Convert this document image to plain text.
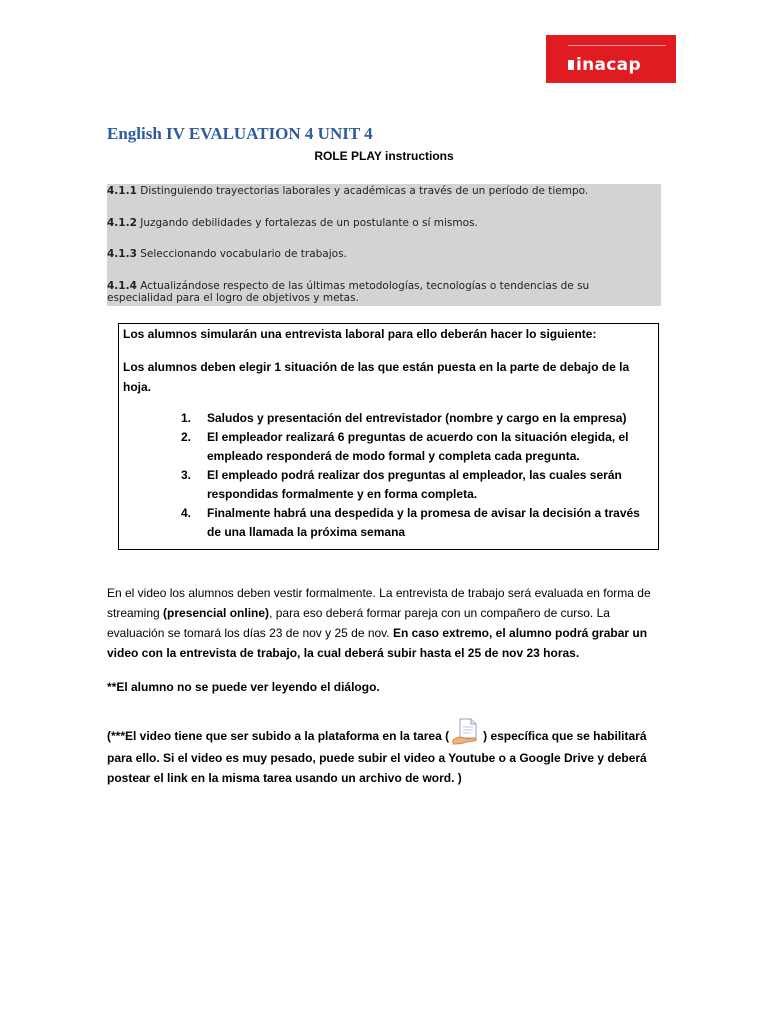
inacap
English IV EVALUATION 4 UNIT 4
ROLE PLAY instructions
4.1.1 Distinguiendo trayectorias laborales y académicas a través de un período de tiempo.
4.1.2 Juzgando debilidades y fortalezas de un postulante o sí mismos.
4.1.3 Seleccionando vocabulario de trabajos.
4.1.4 Actualizándose respecto de las últimas metodologías, tecnologías o tendencias de su especialidad para el logro de objetivos y metas.
Los alumnos simularán una entrevista laboral para ello deberán hacer lo siguiente:
Los alumnos deben elegir 1 situación de las que están puesta en la parte de debajo de la hoja.
1. Saludos y presentación del entrevistador (nombre y cargo en la empresa)
2. El empleador realizará 6 preguntas de acuerdo con la situación elegida, el empleado responderá de modo formal y completa cada pregunta.
3. El empleado podrá realizar dos preguntas al empleador, las cuales serán respondidas formalmente y en forma completa.
4. Finalmente habrá una despedida y la promesa de avisar la decisión a través de una llamada la próxima semana
En el video los alumnos deben vestir formalmente. La entrevista de trabajo será evaluada en forma de streaming (presencial online), para eso deberá formar pareja con un compañero de curso. La evaluación se tomará los días 23 de nov y 25 de nov. En caso extremo, el alumno podrá grabar un video con la entrevista de trabajo, la cual deberá subir hasta el 25 de nov 23 horas.
**El alumno no se puede ver leyendo el diálogo.
(***El video tiene que ser subido a la plataforma en la tarea (	) específica que se habilitará para ello. Si el video es muy pesado, puede subir el video a Youtube o a Google Drive y deberá postear el link en la misma tarea usando un archivo de word. )
